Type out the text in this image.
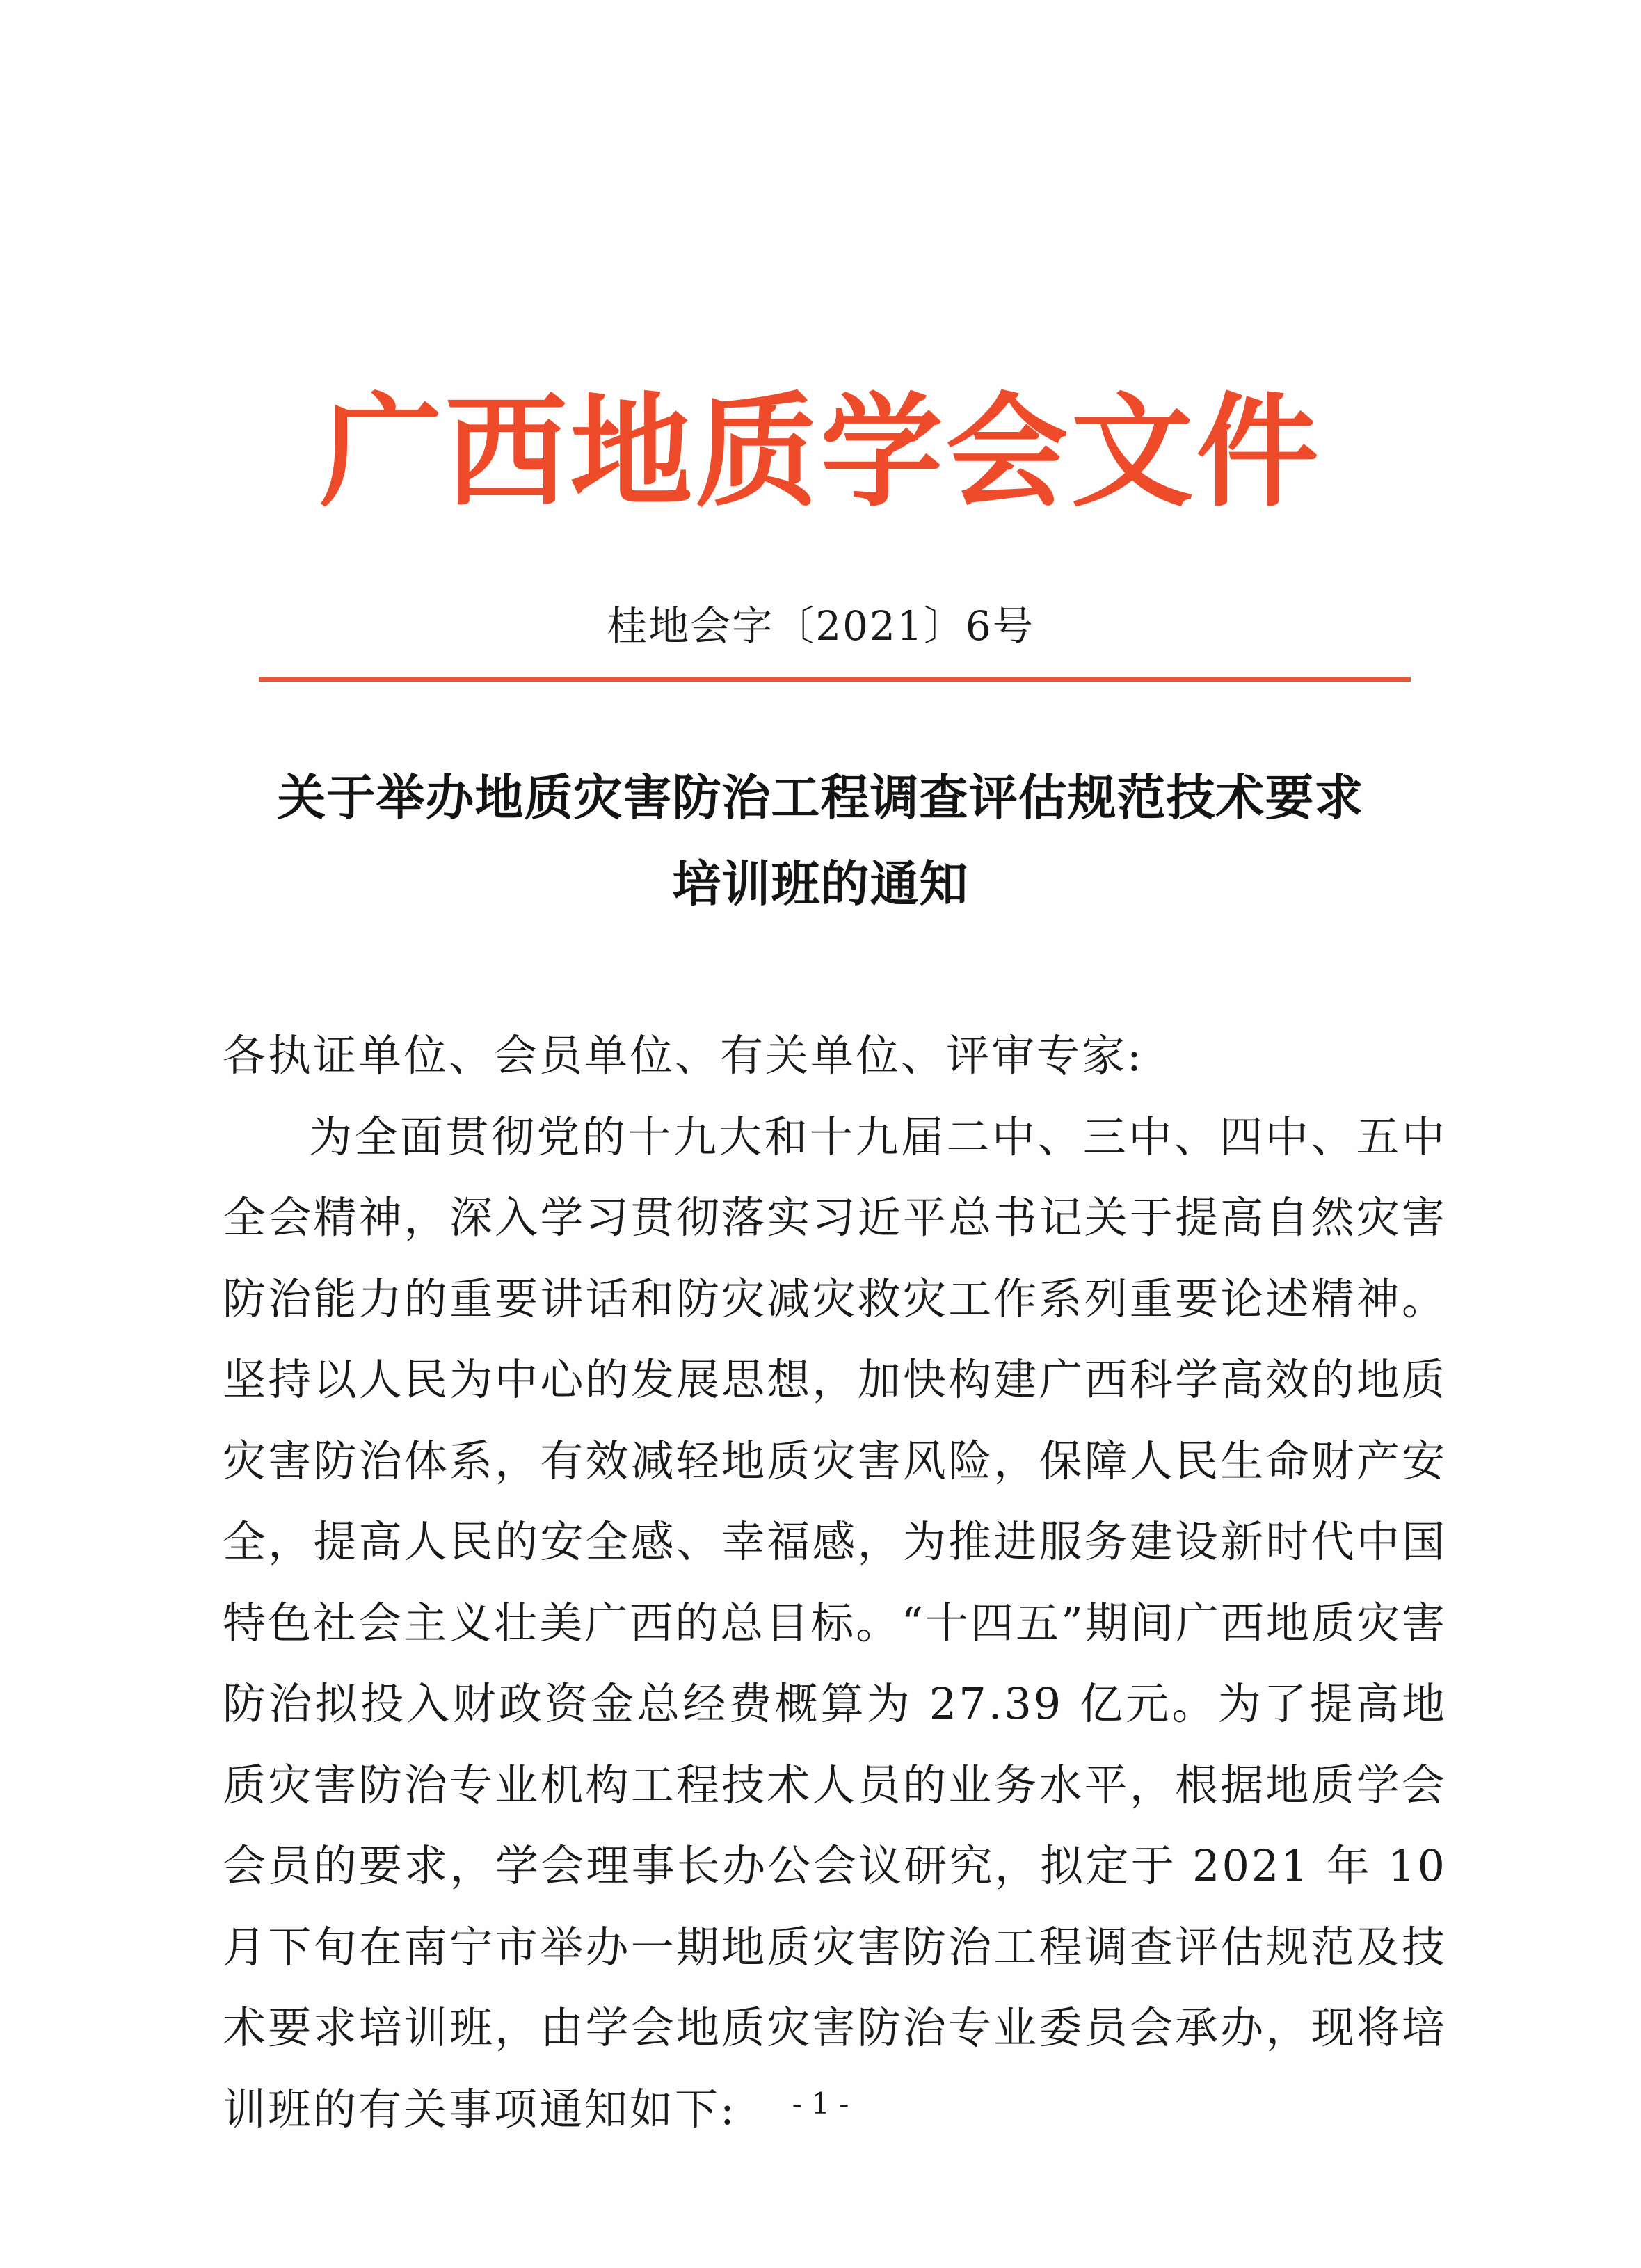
广西地质学会文件
桂地会字〔2021〕6号
关于举办地质灾害防治工程调查评估规范技术要求
培训班的通知

各执证单位、会员单位、有关单位、评审专家:

为全面贯彻党的十九大和十九届二中、三中、四中、五中全会精神，深入学习贯彻落实习近平总书记关于提高自然灾害防治能力的重要讲话和防灾减灾救灾工作系列重要论述精神。坚持以人民为中心的发展思想，加快构建广西科学高效的地质灾害防治体系，有效减轻地质灾害风险，保障人民生命财产安全，提高人民的安全感、幸福感，为推进服务建设新时代中国特色社会主义壮美广西的总目标。“十四五”期间广西地质灾害防治拟投入财政资金总经费概算为 27.39 亿元。为了提高地质灾害防治专业机构工程技术人员的业务水平，根据地质学会会员的要求，学会理事长办公会议研究，拟定于 2021 年 10 月下旬在南宁市举办一期地质灾害防治工程调查评估规范及技术要求培训班，由学会地质灾害防治专业委员会承办，现将培训班的有关事项通知如下:	- 1 -
